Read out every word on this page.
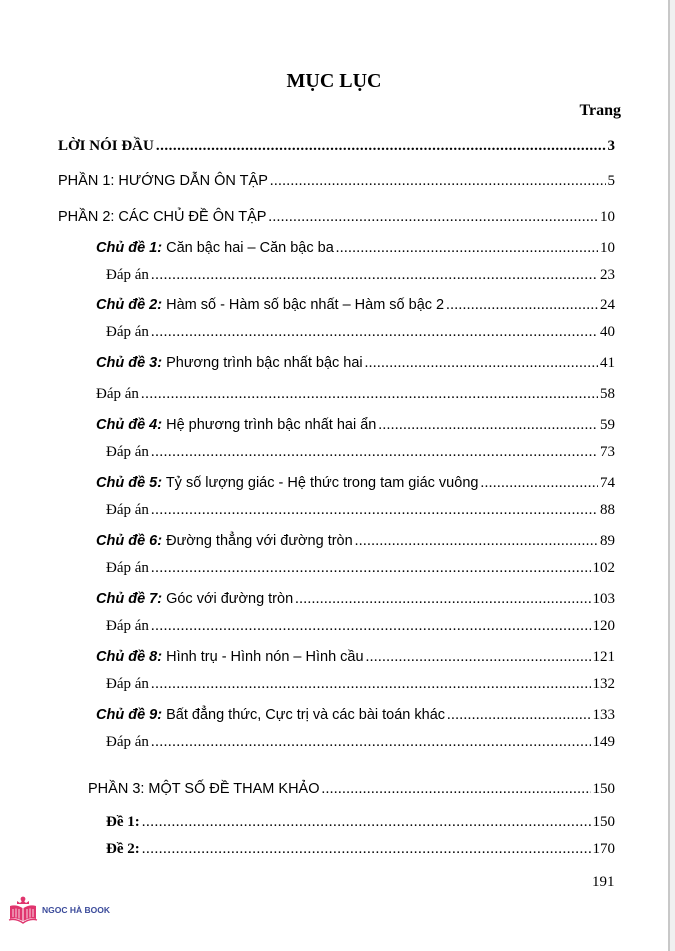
MỤC LỤC
Trang
LỜI NÓI ĐẦU .....	3
PHẦN 1: HƯỚNG DẪN ÔN TẬP .....	5
PHẦN 2: CÁC CHỦ ĐỀ ÔN TẬP .....	10
Chủ đề 1: Căn bậc hai – Căn bậc ba .....	10
Đáp án .....	23
Chủ đề 2: Hàm số - Hàm số bậc nhất – Hàm số bậc 2 .....	24
Đáp án .....	40
Chủ đề 3: Phương trình bậc nhất bậc hai .....	41
Đáp án .....	58
Chủ đề 4: Hệ phương trình bậc nhất hai ẩn .....	59
Đáp án .....	73
Chủ đề 5: Tỷ số lượng giác - Hệ thức trong tam giác vuông .....	74
Đáp án .....	88
Chủ đề 6: Đường thẳng với đường tròn .....	89
Đáp án .....	102
Chủ đề 7: Góc với đường tròn .....	103
Đáp án .....	120
Chủ đề 8: Hình trụ - Hình nón – Hình cầu .....	121
Đáp án .....	132
Chủ đề 9: Bất đẳng thức, Cực trị và các bài toán khác .....	133
Đáp án .....	149
PHẦN 3: MỘT SỐ ĐỀ THAM KHẢO .....	150
Đề 1: .....	150
Đề 2: .....	170
191
NGOC HÀ BOOK
